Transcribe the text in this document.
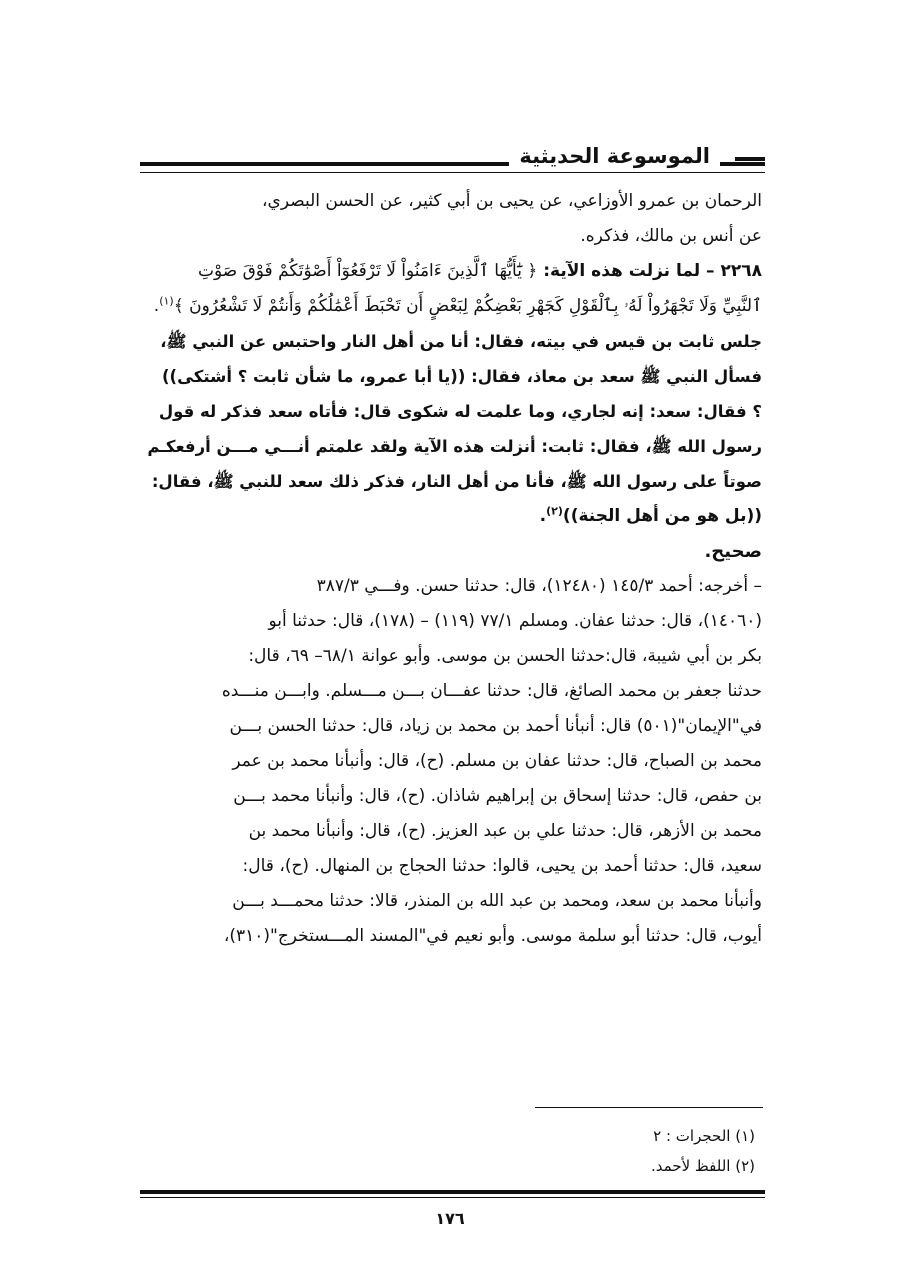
الموسوعة الحديثية
الرحمان بن عمرو الأوزاعي، عن يحيى بن أبي كثير، عن الحسن البصري،
عن أنس بن مالك، فذكره.
٢٢٦٨ – لما نزلت هذه الآية: ﴿ يَٰٓأَيُّهَا ٱلَّذِينَ ءَامَنُواْ لَا تَرْفَعُوٓاْ أَصْوَٰتَكُمْ فَوْقَ صَوْتِ
ٱلنَّبِيِّ وَلَا تَجْهَرُواْ لَهُۥ بِٱلْقَوْلِ كَجَهْرِ بَعْضِكُمْ لِبَعْضٍ أَن تَحْبَطَ أَعْمَٰلُكُمْ وَأَنتُمْ لَا تَشْعُرُونَ ﴾$^{(١)}$.
جلس ثابت بن قيس في بيته، فقال: أنا من أهل النار واحتبس عن النبي ﷺ،
فسأل النبي ﷺ سعد بن معاذ، فقال: ((يا أبا عمرو، ما شأن ثابت ؟ أشتكى))
؟ فقال: سعد: إنه لجاري، وما علمت له شكوى قال: فأتاه سعد فذكر له قول
رسول الله ﷺ، فقال: ثابت: أنزلت هذه الآية ولقد علمتم أنـــي مـــن أرفعكـم
صوتاً على رسول الله ﷺ، فأنا من أهل النار، فذكر ذلك سعد للنبي ﷺ، فقال:
((بل هو من أهل الجنة))$^{(٢)}$.
صحيح.
– أخرجه: أحمد ١٤٥/٣ (١٢٤٨٠)، قال: حدثنا حسن. وفـــي ٣٨٧/٣
(١٤٠٦٠)، قال: حدثنا عفان. ومسلم ٧٧/١ (١١٩) – (١٧٨)، قال: حدثنا أبو
بكر بن أبي شيبة، قال:حدثنا الحسن بن موسى. وأبو عوانة ٦٨/١– ٦٩، قال:
حدثنا جعفر بن محمد الصائغ، قال: حدثنا عفـــان بـــن مـــسلم. وابـــن منـــده
في"الإيمان"(٥٠١) قال: أنبأنا أحمد بن محمد بن زياد، قال: حدثنا الحسن بـــن
محمد بن الصباح، قال: حدثنا عفان بن مسلم. (ح)، قال: وأنبأنا محمد بن عمر
بن حفص، قال: حدثنا إسحاق بن إبراهيم شاذان. (ح)، قال: وأنبأنا محمد بـــن
محمد بن الأزهر، قال: حدثنا علي بن عبد العزيز. (ح)، قال: وأنبأنا محمد بن
سعيد، قال: حدثنا أحمد بن يحيى، قالوا: حدثنا الحجاج بن المنهال. (ح)، قال:
وأنبأنا محمد بن سعد، ومحمد بن عبد الله بن المنذر، قالا: حدثنا محمـــد بـــن
أيوب، قال: حدثنا أبو سلمة موسى. وأبو نعيم في"المسند المـــستخرج"(٣١٠)،
(١) الحجرات : ٢
(٢) اللفظ لأحمد.
١٧٦
